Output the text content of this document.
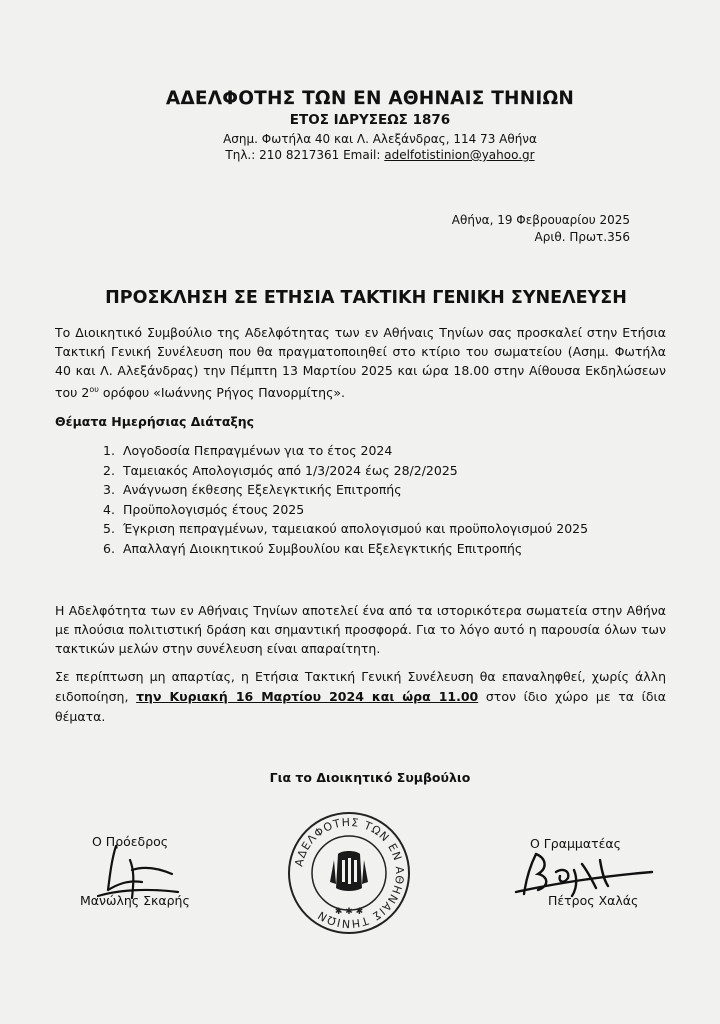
ΑΔΕΛΦΟΤΗΣ ΤΩΝ ΕΝ ΑΘΗΝΑΙΣ ΤΗΝΙΩΝ
ΕΤΟΣ ΙΔΡΥΣΕΩΣ 1876
Ασημ. Φωτήλα 40 και Λ. Αλεξάνδρας, 114 73 Αθήνα
Τηλ.: 210 8217361 Email: adelfotistinion@yahoo.gr
Αθήνα, 19 Φεβρουαρίου 2025
Αριθ. Πρωτ.356
ΠΡΟΣΚΛΗΣΗ ΣΕ ΕΤΗΣΙΑ ΤΑΚΤΙΚΗ ΓΕΝΙΚΗ ΣΥΝΕΛΕΥΣΗ
Το Διοικητικό Συμβούλιο της Αδελφότητας των εν Αθήναις Τηνίων σας προσκαλεί στην Ετήσια Τακτική Γενική Συνέλευση που θα πραγματοποιηθεί στο κτίριο του σωματείου (Ασημ. Φωτήλα 40 και Λ. Αλεξάνδρας) την Πέμπτη 13 Μαρτίου 2025 και ώρα 18.00 στην Αίθουσα Εκδηλώσεων του $2^{o\upsilon}$ ορόφου «Ιωάννης Ρήγος Πανορμίτης».
Θέματα Ημερήσιας Διάταξης
1. Λογοδοσία Πεπραγμένων για το έτος 2024
2. Ταμειακός Απολογισμός από 1/3/2024 έως 28/2/2025
3. Ανάγνωση έκθεσης Εξελεγκτικής Επιτροπής
4. Προϋπολογισμός έτους 2025
5. Έγκριση πεπραγμένων, ταμειακού απολογισμού και προϋπολογισμού 2025
6. Απαλλαγή Διοικητικού Συμβουλίου και Εξελεγκτικής Επιτροπής
Η Αδελφότητα των εν Αθήναις Τηνίων αποτελεί ένα από τα ιστορικότερα σωματεία στην Αθήνα με πλούσια πολιτιστική δράση και σημαντική προσφορά. Για το λόγο αυτό η παρουσία όλων των τακτικών μελών στην συνέλευση είναι απαραίτητη.
Σε περίπτωση μη απαρτίας, η Ετήσια Τακτική Γενική Συνέλευση θα επαναληφθεί, χωρίς άλλη ειδοποίηση, την Κυριακή 16 Μαρτίου 2024 και ώρα 11.00 στον ίδιο χώρο με τα ίδια θέματα.
Για το Διοικητικό Συμβούλιο
Ο Πρόεδρος
Μανώλης Σκαρής
Ο Γραμματέας
Πέτρος Χαλάς
ΑΔΕΛΦΟΤΗΣ ΤΩΝ ΕΝ ΑΘΗΝΑΙΣ ΤΗΝΙΩΝ ✱ ✱ ✱
